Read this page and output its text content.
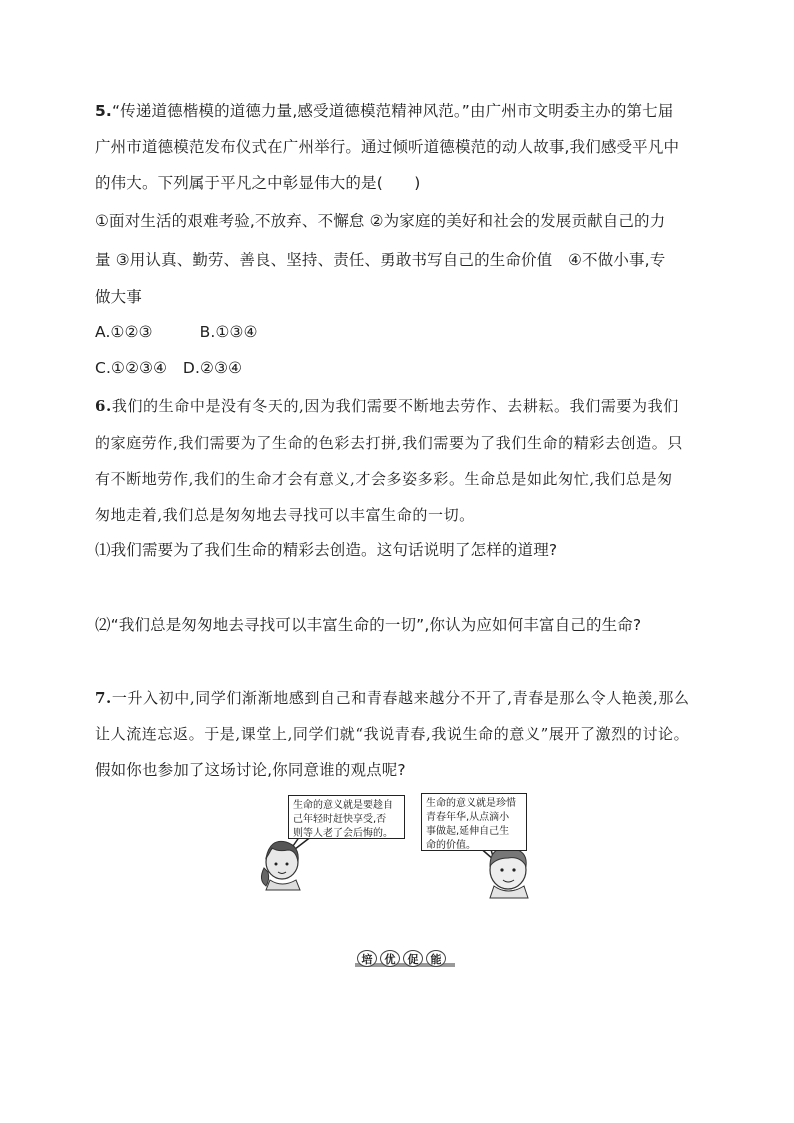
5.“传递道德楷模的道德力量,感受道德模范精神风范。”由广州市文明委主办的第七届
广州市道德模范发布仪式在广州举行。通过倾听道德模范的动人故事,我们感受平凡中
的伟大。下列属于平凡之中彰显伟大的是(　　)
①面对生活的艰难考验,不放弃、不懈怠 ②为家庭的美好和社会的发展贡献自己的力
量 ③用认真、勤劳、善良、坚持、责任、勇敢书写自己的生命价值　④不做小事,专
做大事
A.①②③　　　B.①③④
C.①②③④　D.②③④
6.我们的生命中是没有冬天的,因为我们需要不断地去劳作、去耕耘。我们需要为我们
的家庭劳作,我们需要为了生命的色彩去打拼,我们需要为了我们生命的精彩去创造。只
有不断地劳作,我们的生命才会有意义,才会多姿多彩。生命总是如此匆忙,我们总是匆
匆地走着,我们总是匆匆地去寻找可以丰富生命的一切。
⑴我们需要为了我们生命的精彩去创造。这句话说明了怎样的道理?
⑵“我们总是匆匆地去寻找可以丰富生命的一切”,你认为应如何丰富自己的生命?
7.一升入初中,同学们渐渐地感到自己和青春越来越分不开了,青春是那么令人艳羡,那么
让人流连忘返。于是,课堂上,同学们就“我说青春,我说生命的意义”展开了激烈的讨论。
假如你也参加了这场讨论,你同意谁的观点呢?
生命的意义就是要趁自
己年轻时赶快享受,否
则等人老了会后悔的。
生命的意义就是珍惜
青春年华,从点滴小
事做起,延伸自己生
命的价值。
培	优	促	能
